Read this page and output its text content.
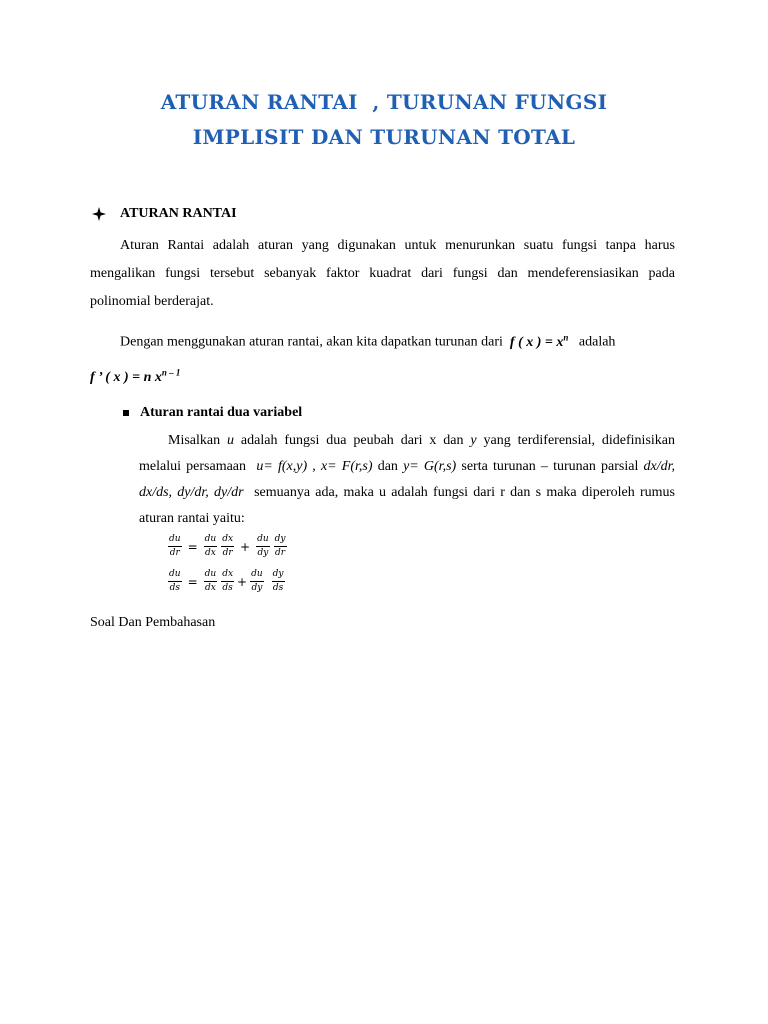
ATURAN RANTAI  , TURUNAN FUNGSI
IMPLISIT DAN TURUNAN TOTAL
ATURAN RANTAI
Aturan Rantai adalah aturan yang digunakan untuk menurunkan suatu fungsi tanpa harus mengalikan fungsi tersebut sebanyak faktor kuadrat dari fungsi dan mendeferensiasikan pada polinomial berderajat.
Dengan menggunakan aturan rantai, akan kita dapatkan turunan dari f ( x ) = $x^n$ adalah
f ’ ( x ) = n $x^{n - 1}$
Aturan rantai dua variabel
Misalkan u adalah fungsi dua peubah dari x dan y yang terdiferensial, didefinisikan melalui persamaan u= f(x,y) , x= F(r,s) dan y= G(r,s) serta turunan – turunan parsial dx/dr, dx/ds, dy/dr, dy/dr semuanya ada, maka u adalah fungsi dari r dan s maka diperoleh rumus aturan rantai yaitu:
$\frac{du}{dr} = \frac{du}{dx} \frac{dx}{dr} + \frac{du}{dy} \frac{dy}{dr}$
$\frac{du}{ds} = \frac{du}{dx} \frac{dx}{ds} + \frac{du}{dy} \frac{dy}{ds}$
Soal Dan Pembahasan
